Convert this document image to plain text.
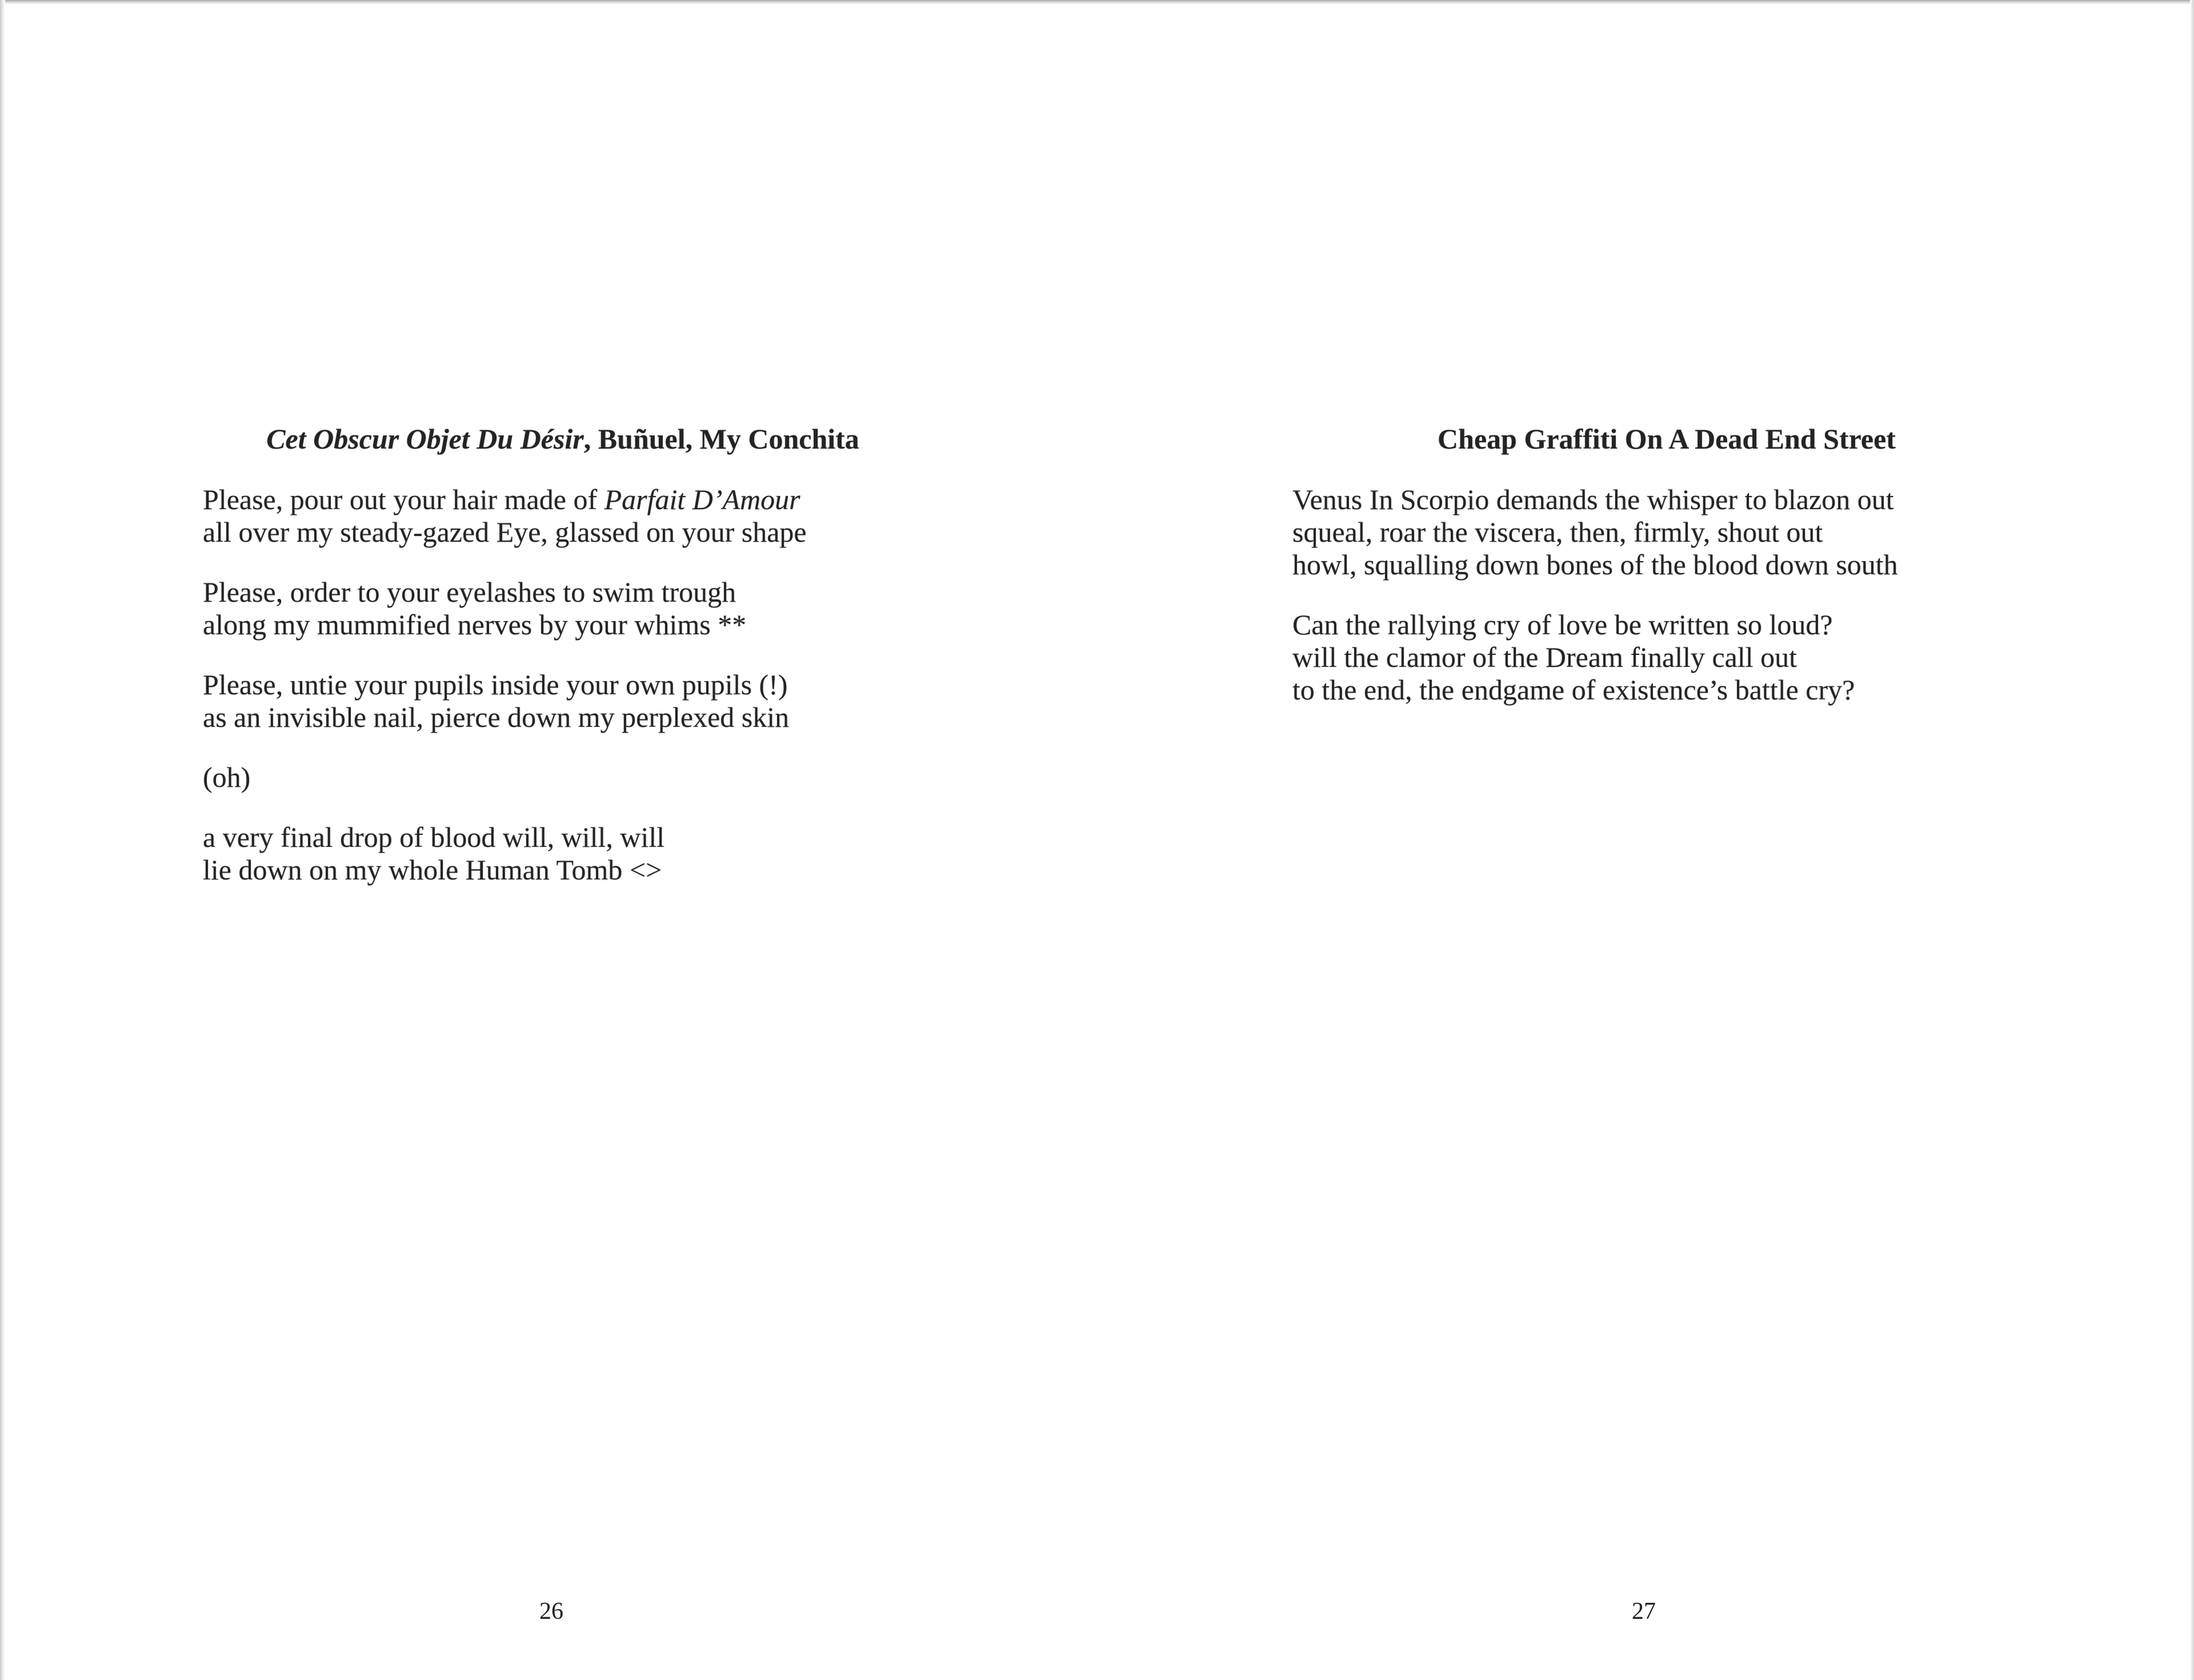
Cet Obscur Objet Du Désir, Buñuel, My Conchita

Please, pour out your hair made of Parfait D’Amour
all over my steady-gazed Eye, glassed on your shape

Please, order to your eyelashes to swim trough
along my mummified nerves by your whims **

Please, untie your pupils inside your own pupils (!)
as an invisible nail, pierce down my perplexed skin

(oh)

a very final drop of blood will, will, will
lie down on my whole Human Tomb <>

Cheap Graffiti On A Dead End Street

Venus In Scorpio demands the whisper to blazon out
squeal, roar the viscera, then, firmly, shout out
howl, squalling down bones of the blood down south

Can the rallying cry of love be written so loud?
will the clamor of the Dream finally call out
to the end, the endgame of existence’s battle cry?

26	27
